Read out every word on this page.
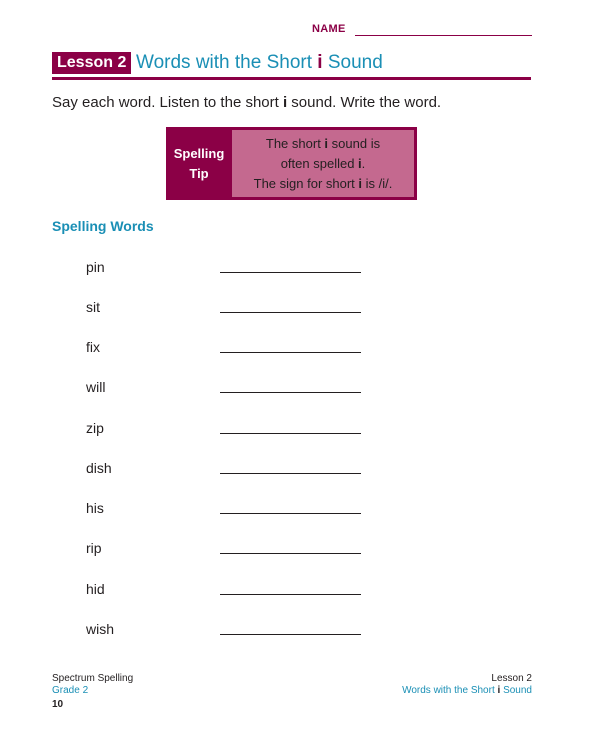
NAME
Lesson 2 Words with the Short i Sound
Say each word. Listen to the short i sound. Write the word.
Spelling
Tip
The short i sound is
often spelled i.
The sign for short i is /i/.
Spelling Words
pin
sit
fix
will
zip
dish
his
rip
hid
wish
Spectrum Spelling
Grade 2
10
Lesson 2
Words with the Short i Sound
